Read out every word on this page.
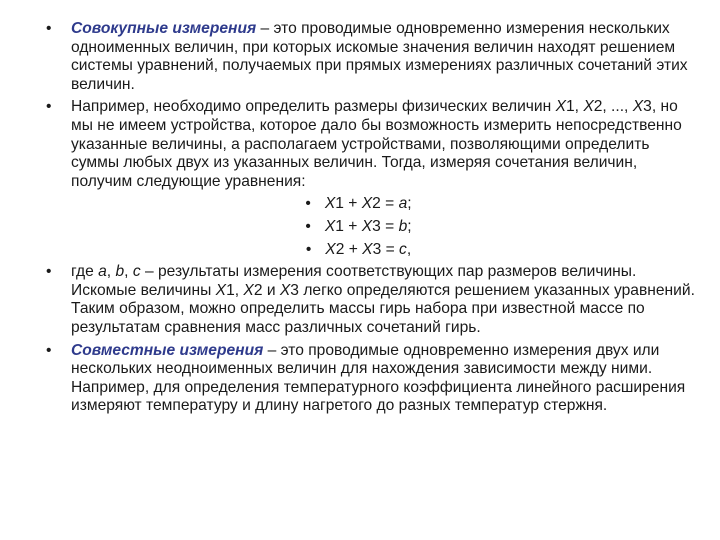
• Совокупные измерения – это проводимые одновременно измерения нескольких одноименных величин, при которых искомые значения величин находят решением системы уравнений, получаемых при прямых измерениях различных сочетаний этих величин.
• Например, необходимо определить размеры физических величин X1, X2, ..., X3, но мы не имеем устройства, которое дало бы возможность измерить непосредственно указанные величины, а располагаем устройствами, позволяющими определить суммы любых двух из указанных величин. Тогда, измеряя сочетания величин, получим следующие уравнения:
• X1 + X2 = a;
• X1 + X3 = b;
• X2 + X3 = c,
• где a, b, c – результаты измерения соответствующих пар размеров величины. Искомые величины X1, X2 и X3 легко определяются решением указанных уравнений. Таким образом, можно определить массы гирь набора при известной массе по результатам сравнения масс различных сочетаний гирь.
• Совместные измерения – это проводимые одновременно измерения двух или нескольких неодноименных величин для нахождения зависимости между ними. Например, для определения температурного коэффициента линейного расширения измеряют температуру и длину нагретого до разных температур стержня.
